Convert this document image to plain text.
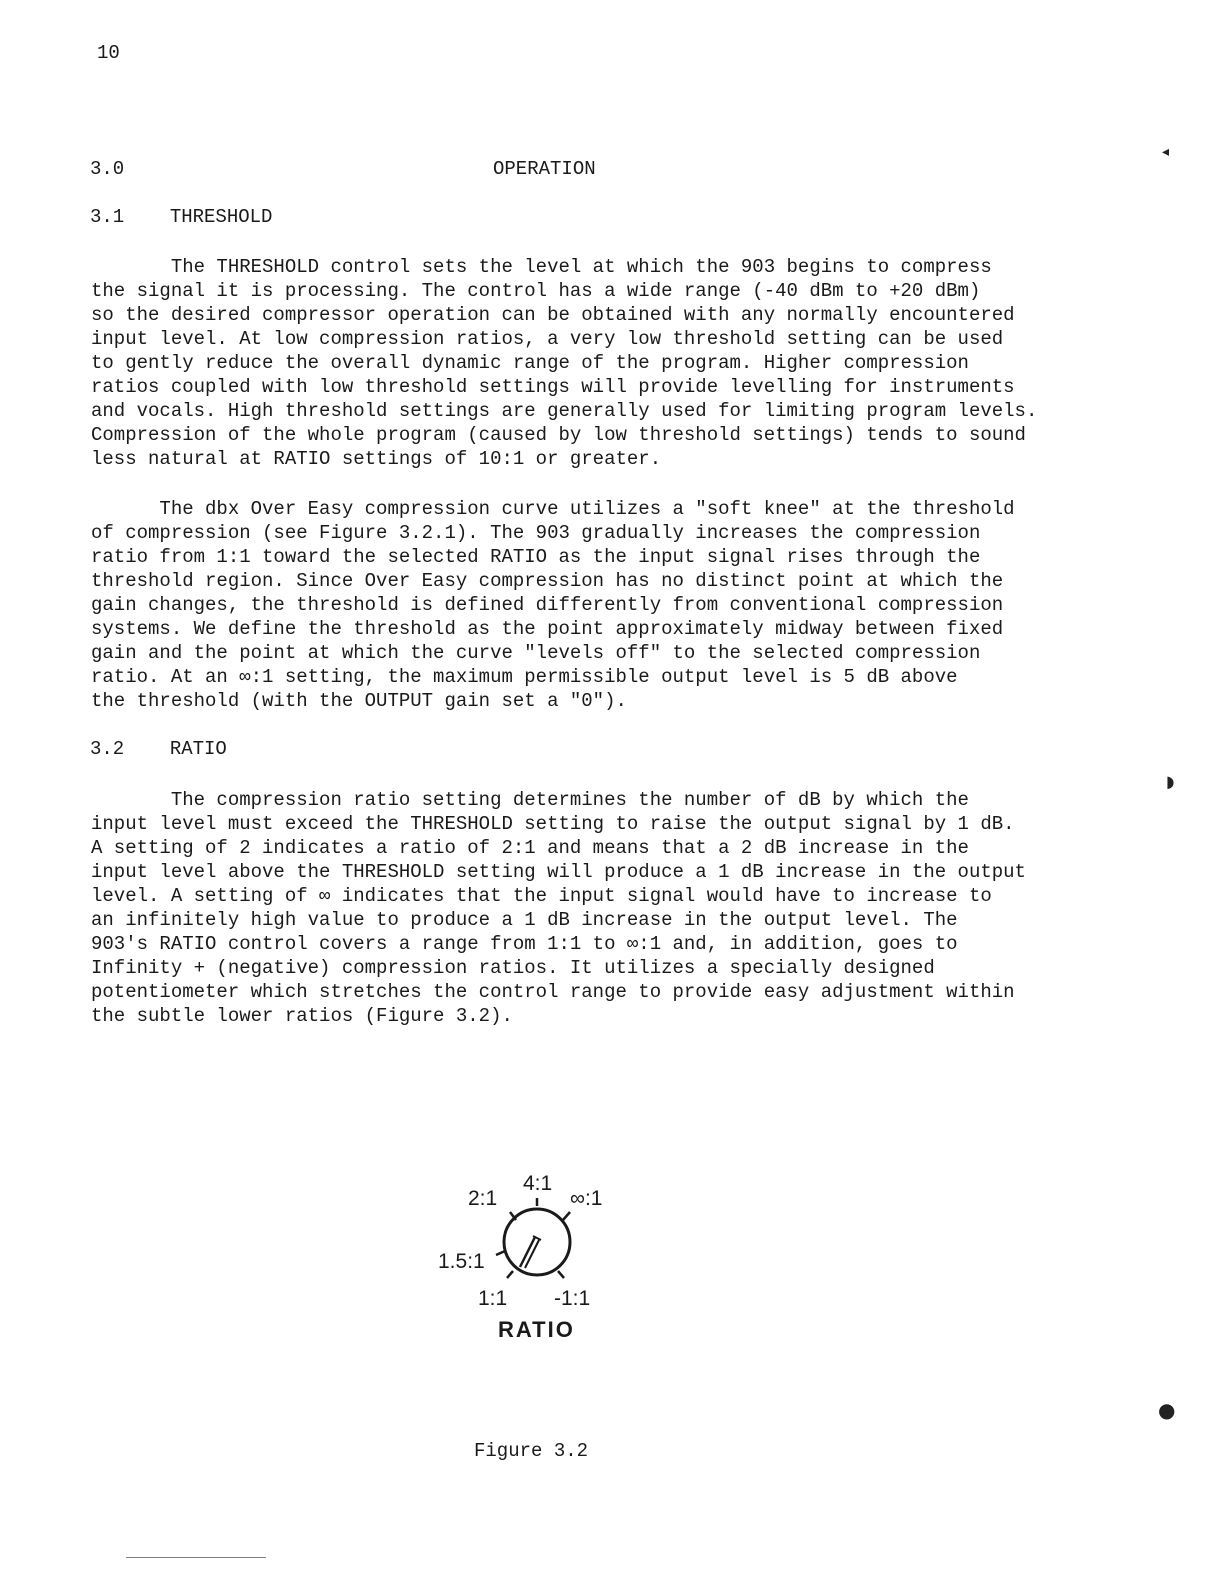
10
3.0	OPERATION
3.1    THRESHOLD
The THRESHOLD control sets the level at which the 903 begins to compress
the signal it is processing. The control has a wide range (-40 dBm to +20 dBm)
so the desired compressor operation can be obtained with any normally encountered
input level. At low compression ratios, a very low threshold setting can be used
to gently reduce the overall dynamic range of the program. Higher compression
ratios coupled with low threshold settings will provide levelling for instruments
and vocals. High threshold settings are generally used for limiting program levels.
Compression of the whole program (caused by low threshold settings) tends to sound
less natural at RATIO settings of 10:1 or greater.
The dbx Over Easy compression curve utilizes a "soft knee" at the threshold
of compression (see Figure 3.2.1). The 903 gradually increases the compression
ratio from 1:1 toward the selected RATIO as the input signal rises through the
threshold region. Since Over Easy compression has no distinct point at which the
gain changes, the threshold is defined differently from conventional compression
systems. We define the threshold as the point approximately midway between fixed
gain and the point at which the curve "levels off" to the selected compression
ratio. At an ∞:1 setting, the maximum permissible output level is 5 dB above
the threshold (with the OUTPUT gain set a "0").
3.2    RATIO
The compression ratio setting determines the number of dB by which the
input level must exceed the THRESHOLD setting to raise the output signal by 1 dB.
A setting of 2 indicates a ratio of 2:1 and means that a 2 dB increase in the
input level above the THRESHOLD setting will produce a 1 dB increase in the output
level. A setting of ∞ indicates that the input signal would have to increase to
an infinitely high value to produce a 1 dB increase in the output level. The
903's RATIO control covers a range from 1:1 to ∞:1 and, in addition, goes to
Infinity + (negative) compression ratios. It utilizes a specially designed
potentiometer which stretches the control range to provide easy adjustment within
the subtle lower ratios (Figure 3.2).
4:1
2:1	∞:1
1.5:1
1:1 -1:1
RATIO
Figure 3.2
◂
◗
●
